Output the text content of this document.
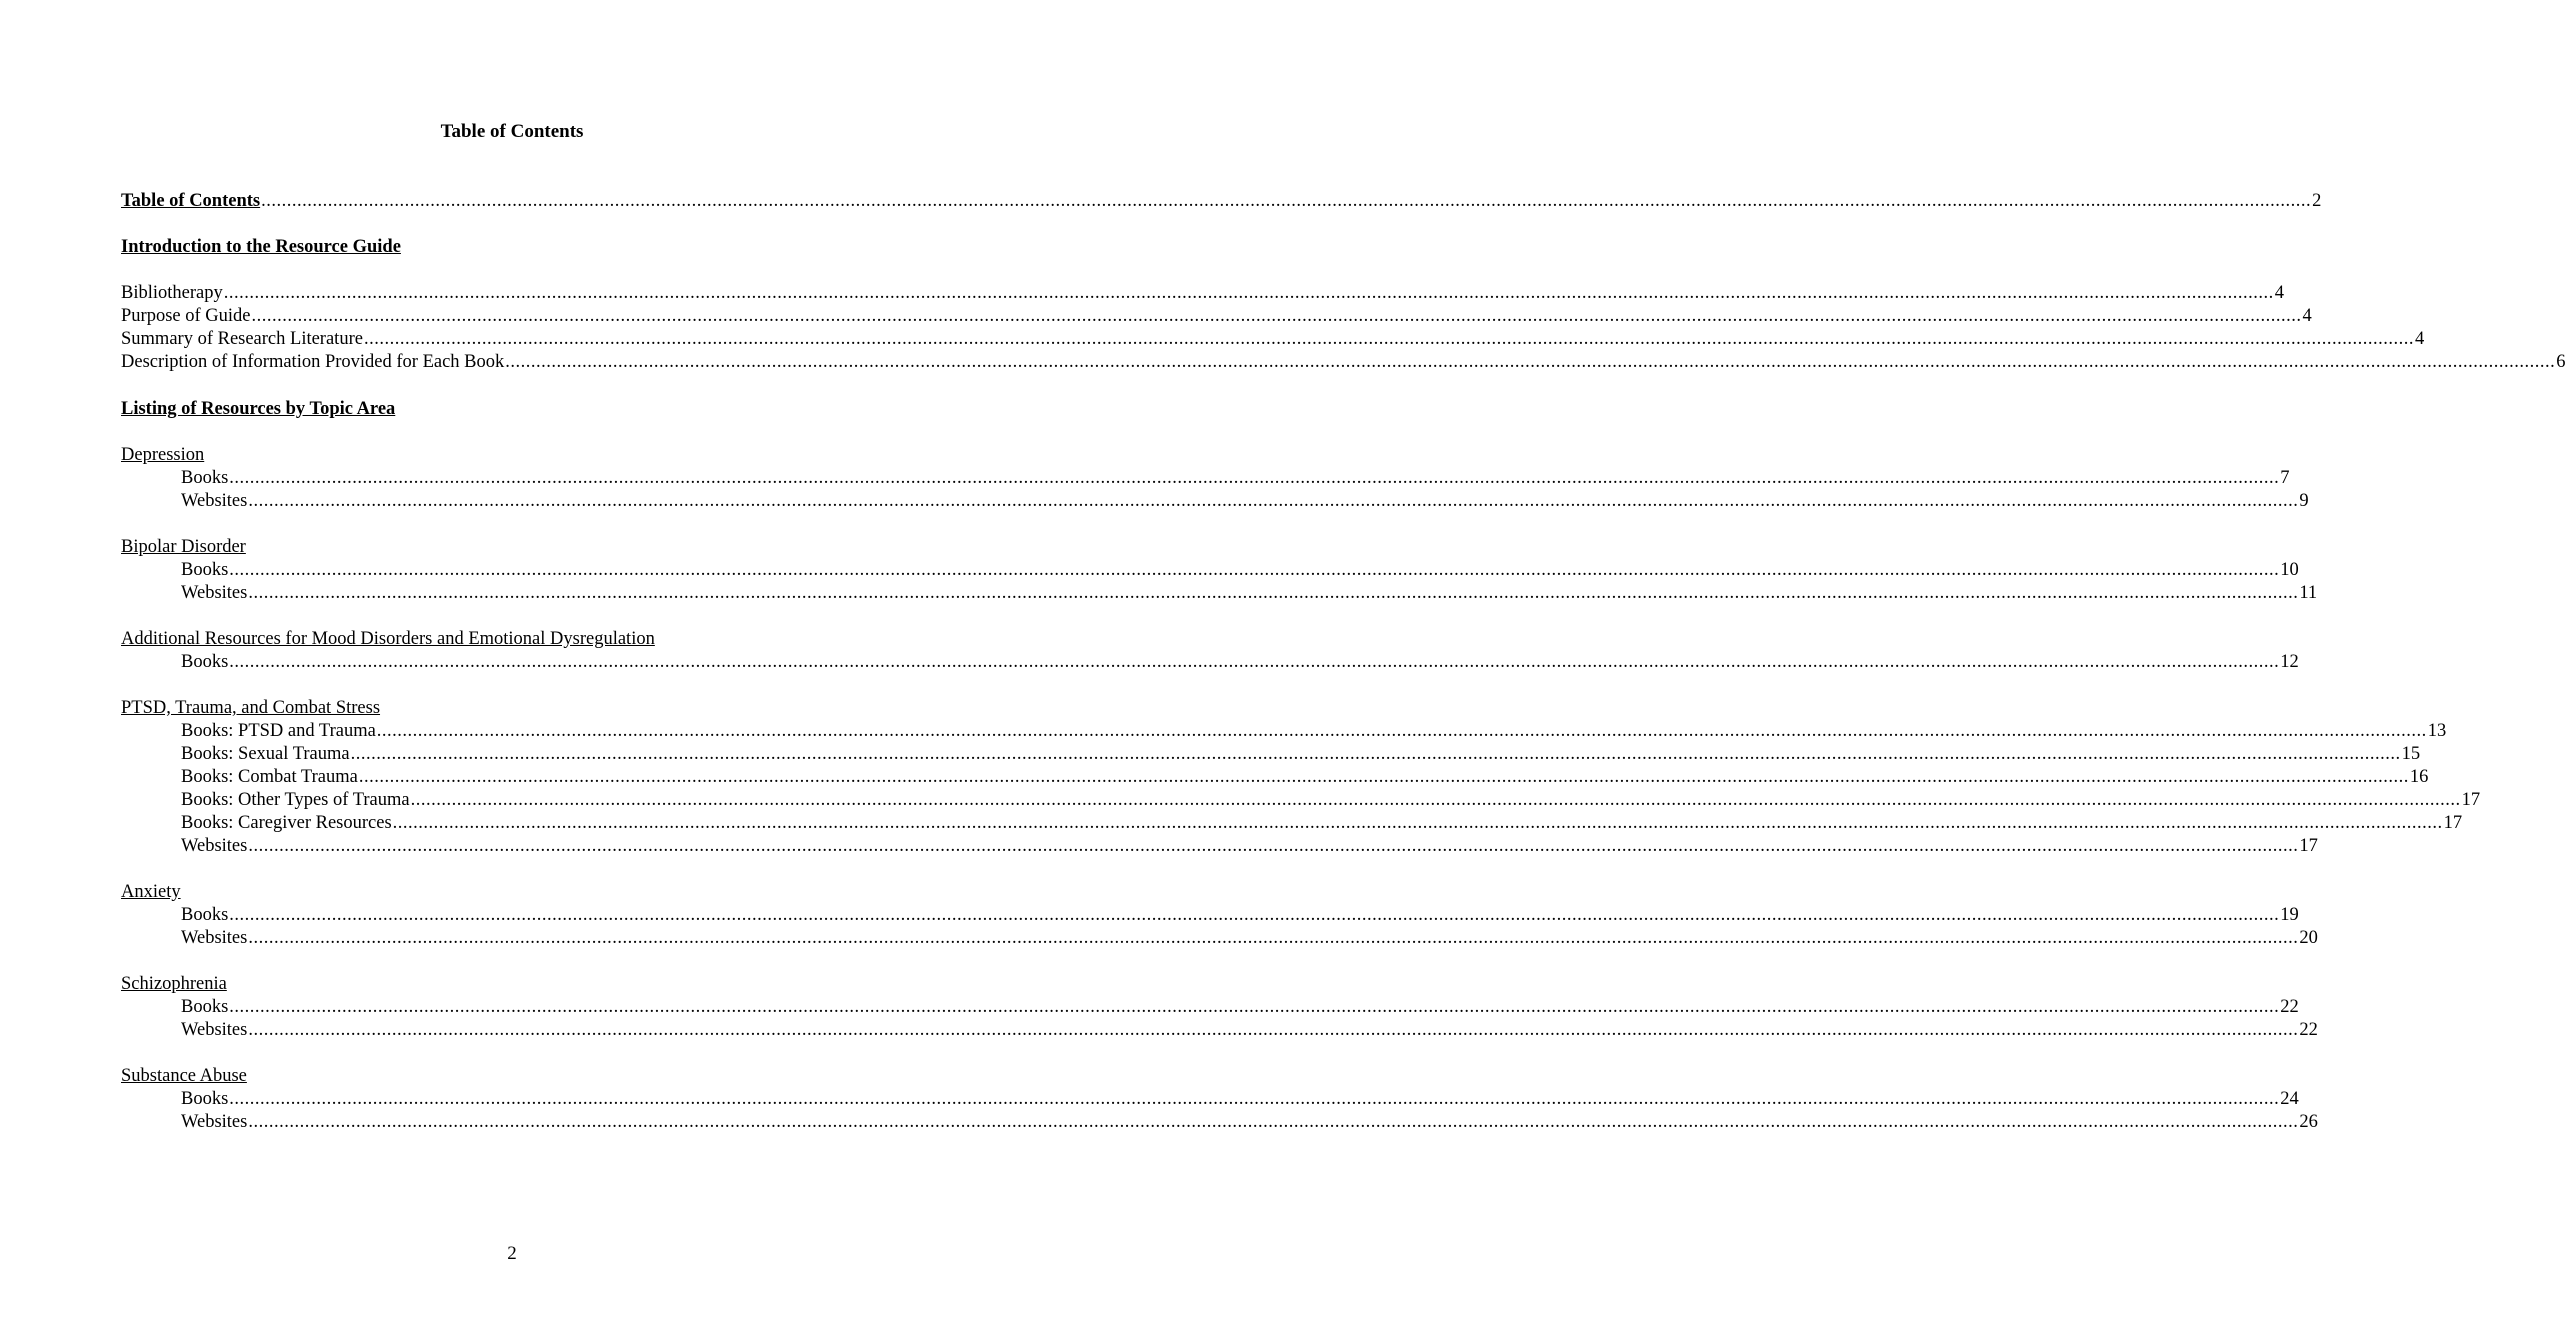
Table of Contents
Table of Contents ................................................................................................................................................................................................................................................................................................................................................................................................................ 2
Introduction to the Resource Guide
Bibliotherapy ................................................................................................................................................................................................................................................................................................................................................................................................................ 4
Purpose of Guide ................................................................................................................................................................................................................................................................................................................................................................................................................ 4
Summary of Research Literature ................................................................................................................................................................................................................................................................................................................................................................................................................ 4
Description of Information Provided for Each Book ................................................................................................................................................................................................................................................................................................................................................................................................................ 6
Listing of Resources by Topic Area
Depression
Books ................................................................................................................................................................................................................................................................................................................................................................................................................ 7
Websites ................................................................................................................................................................................................................................................................................................................................................................................................................ 9
Bipolar Disorder
Books ................................................................................................................................................................................................................................................................................................................................................................................................................ 10
Websites ................................................................................................................................................................................................................................................................................................................................................................................................................ 11
Additional Resources for Mood Disorders and Emotional Dysregulation
Books ................................................................................................................................................................................................................................................................................................................................................................................................................ 12
PTSD, Trauma, and Combat Stress
Books: PTSD and Trauma ................................................................................................................................................................................................................................................................................................................................................................................................................ 13
Books: Sexual Trauma ................................................................................................................................................................................................................................................................................................................................................................................................................ 15
Books: Combat Trauma ................................................................................................................................................................................................................................................................................................................................................................................................................ 16
Books: Other Types of Trauma ................................................................................................................................................................................................................................................................................................................................................................................................................ 17
Books: Caregiver Resources ................................................................................................................................................................................................................................................................................................................................................................................................................ 17
Websites ................................................................................................................................................................................................................................................................................................................................................................................................................ 17
Anxiety
Books ................................................................................................................................................................................................................................................................................................................................................................................................................ 19
Websites ................................................................................................................................................................................................................................................................................................................................................................................................................ 20
Schizophrenia
Books ................................................................................................................................................................................................................................................................................................................................................................................................................ 22
Websites ................................................................................................................................................................................................................................................................................................................................................................................................................ 22
Substance Abuse
Books ................................................................................................................................................................................................................................................................................................................................................................................................................ 24
Websites ................................................................................................................................................................................................................................................................................................................................................................................................................ 26
2
